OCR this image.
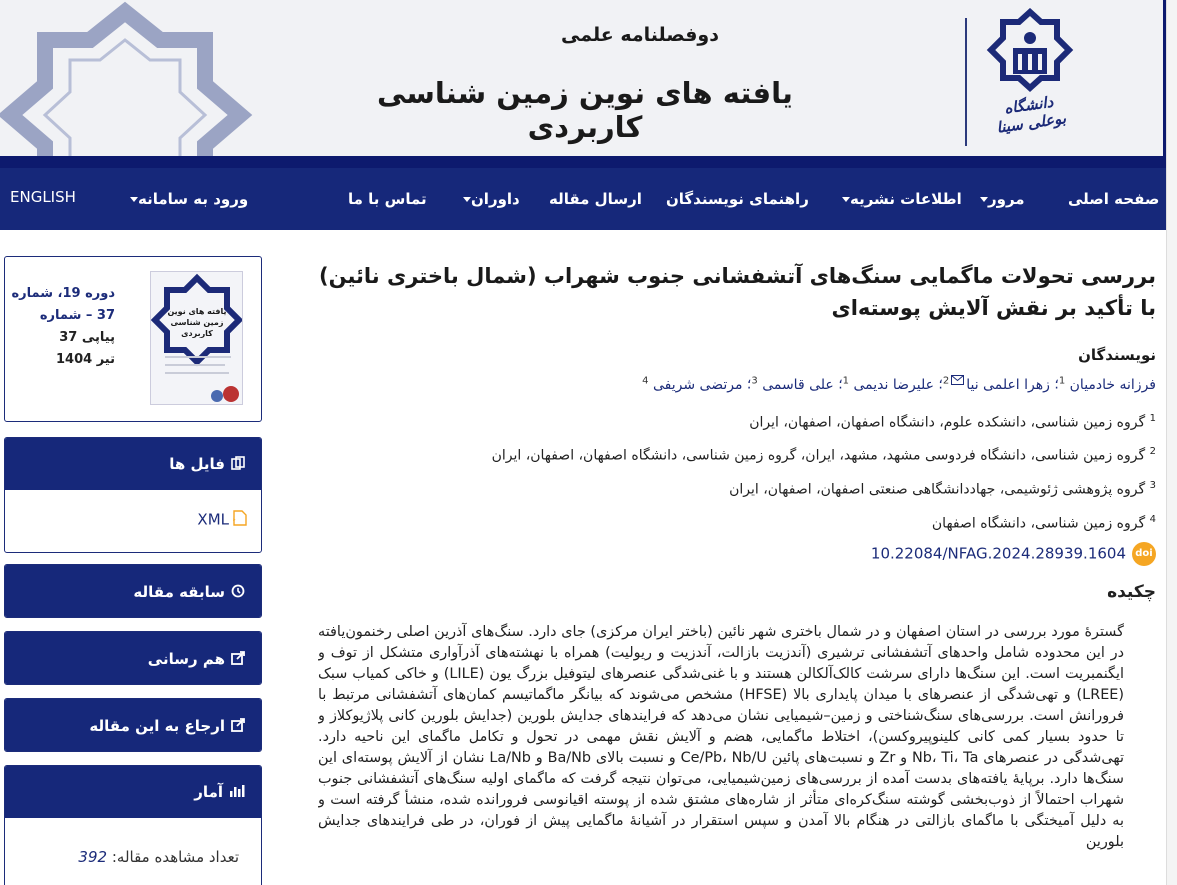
دوفصلنامه علمی
یافته های نوین زمین شناسی کاربردی
دانشگاه بوعلی سینا
صفحه اصلی
مرور
اطلاعات نشریه
راهنمای نویسندگان
ارسال مقاله
داوران
تماس با ما
ورود به سامانه
ENGLISH
یافته های نوین زمین شناسی کاربردی
دوره 19، شماره
37 – شماره
پیاپی 37
تیر 1404
فایل ها
XML
سابقه مقاله
هم رسانی
ارجاع به این مقاله
آمار
تعداد مشاهده مقاله: 392
بررسی تحولات ماگمایی سنگ‌های آتشفشانی جنوب شهراب (شمال باختری نائین) با تأکید بر نقش آلایش پوسته‌ای
نویسندگان
فرزانه خادمیان $^1$؛ زهرا اعلمی نیا$^2$؛ علیرضا ندیمی $^1$؛ علی قاسمی $^3$؛ مرتضی شریفی $^4$
$^1$ گروه زمین شناسی، دانشکده علوم، دانشگاه اصفهان، اصفهان، ایران
$^2$ گروه زمین شناسی، دانشگاه فردوسی مشهد، مشهد، ایران، گروه زمین شناسی، دانشگاه اصفهان، اصفهان، ایران
$^3$ گروه پژوهشی ژئوشیمی، جهاددانشگاهی صنعتی اصفهان، اصفهان، ایران
$^4$ گروه زمین شناسی، دانشگاه اصفهان
doi10.22084/NFAG.2024.28939.1604
چکیده
گسترهٔ مورد بررسی در استان اصفهان و در شمال باختری شهر نائین (باختر ایران مرکزی) جای دارد. سنگ‌های آذرین اصلی رخنمون‌یافته در این محدوده شامل واحدهای آتشفشانی ترشیری (آندزیت بازالت، آندزیت و ریولیت) همراه با نهشته‌های آذرآواری متشکل از توف و ایگنمبریت است. این سنگ‌ها دارای سرشت کالک‌آلکالن هستند و با غنی‌شدگی عنصرهای لیتوفیل بزرگ یون (LILE) و خاکی کمیاب سبک (LREE) و تهی‌شدگی از عنصرهای با میدان پایداری بالا (HFSE) مشخص می‌شوند که بیانگر ماگماتیسم کمان‌های آتشفشانی مرتبط با فرورانش است. بررسی‌های سنگ‌شناختی و زمین–شیمیایی نشان می‌دهد که فرایندهای جدایش بلورین (جدایش بلورین کانی پلاژیوکلاز و تا حدود بسیار کمی کانی کلینوپیروکسن)، اختلاط ماگمایی، هضم و آلایش نقش مهمی در تحول و تکامل ماگمای این ناحیه دارد. تهی‌شدگی در عنصرهای Nb، Ti، Ta و Zr و نسبت‌های پائین Ce/Pb، Nb/U و نسبت بالای Ba/Nb و La/Nb نشان از آلایش پوسته‌ای این سنگ‌ها دارد. برپایهٔ یافته‌های بدست آمده از بررسی‌های زمین‌شیمیایی، می‌توان نتیجه گرفت که ماگمای اولیه سنگ‌های آتشفشانی جنوب شهراب احتمالاً از ذوب‌بخشی گوشته سنگ‌کره‌ای متأثر از شاره‌های مشتق شده از پوسته اقیانوسی فرورانده شده، منشأ گرفته است و به دلیل آمیختگی با ماگمای بازالتی در هنگام بالا آمدن و سپس استقرار در آشیانهٔ ماگمایی پیش از فوران، در طی فرایندهای جدایش بلورین
